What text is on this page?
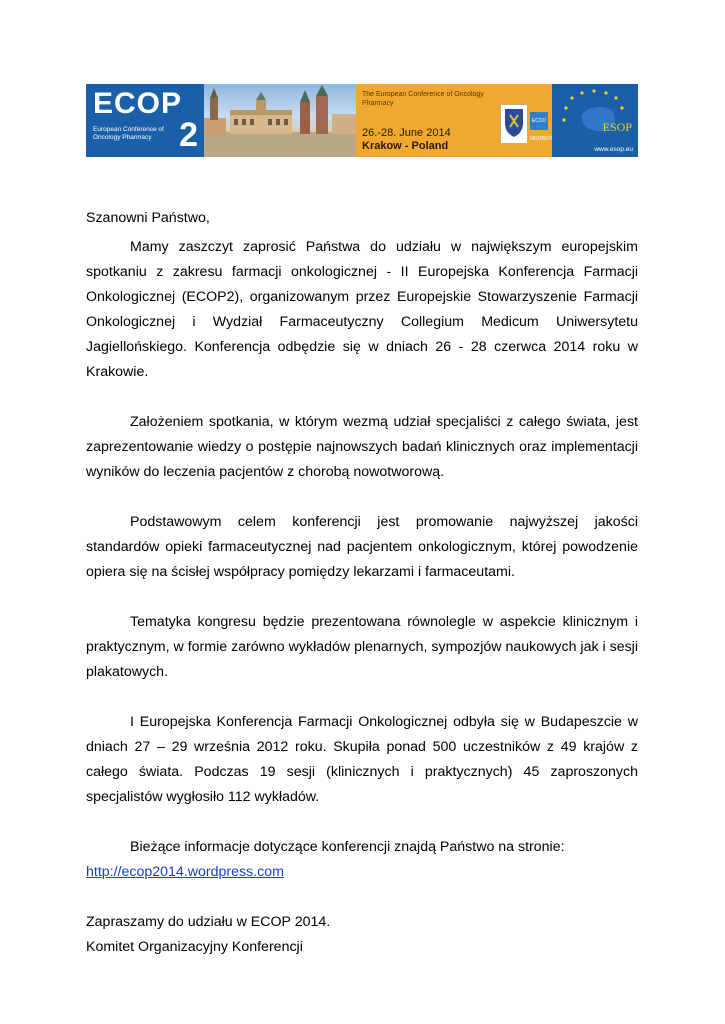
ECOP
European Conference of Oncology Pharmacy 2
The European Conference of Oncology Pharmacy
26.-28. June 2014
Krakow - Poland
ECCO MEMBER
ESOP
www.esop.eu

Szanowni Państwo,

Mamy zaszczyt zaprosić Państwa do udziału w największym europejskim spotkaniu z zakresu farmacji onkologicznej - II Europejska Konferencja Farmacji Onkologicznej (ECOP2), organizowanym przez Europejskie Stowarzyszenie Farmacji Onkologicznej i Wydział Farmaceutyczny Collegium Medicum Uniwersytetu Jagiellońskiego. Konferencja odbędzie się w dniach 26 - 28 czerwca 2014 roku w Krakowie.

Założeniem spotkania, w którym wezmą udział specjaliści z całego świata, jest zaprezentowanie wiedzy o postępie najnowszych badań klinicznych oraz implementacji wyników do leczenia pacjentów z chorobą nowotworową.

Podstawowym celem konferencji jest promowanie najwyższej jakości standardów opieki farmaceutycznej nad pacjentem onkologicznym, której powodzenie opiera się na ścisłej współpracy pomiędzy lekarzami i farmaceutami.

Tematyka kongresu będzie prezentowana równolegle w aspekcie klinicznym i praktycznym, w formie zarówno wykładów plenarnych, sympozjów naukowych jak i sesji plakatowych.

I Europejska Konferencja Farmacji Onkologicznej odbyła się w Budapeszcie w dniach 27 – 29 września 2012 roku. Skupiła ponad 500 uczestników z 49 krajów z całego świata. Podczas 19 sesji (klinicznych i praktycznych) 45 zaproszonych specjalistów wygłosiło 112 wykładów.

Bieżące informacje dotyczące konferencji znajdą Państwo na stronie:
http://ecop2014.wordpress.com

Zapraszamy do udziału w ECOP 2014.

Komitet Organizacyjny Konferencji
